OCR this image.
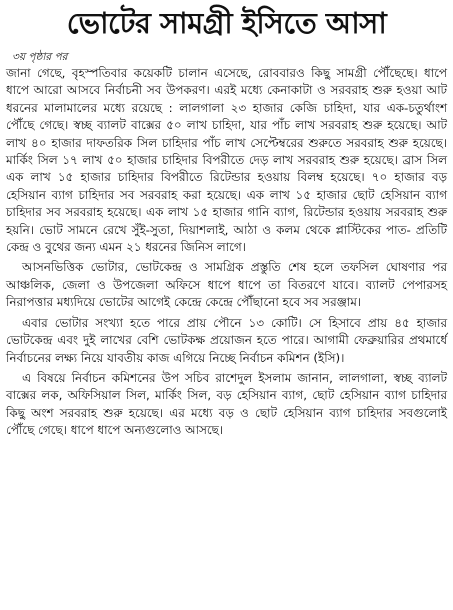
ভোটের সামগ্রী ইসিতে আসা
৩য় পৃষ্ঠার পর

জানা গেছে, বৃহস্পতিবার কয়েকটি চালান এসেছে, রোববারও কিছু সামগ্রী পৌঁছেছে। ধাপে ধাপে আরো আসবে নির্বাচনী সব উপকরণ। এরই মধ্যে কেনাকাটা ও সরবরাহ শুরু হওয়া আট ধরনের মালামালের মধ্যে রয়েছে : লালগালা ২৩ হাজার কেজি চাহিদা, যার এক-চতুর্থাংশ পৌঁছে গেছে। স্বচ্ছ ব্যালট বাক্সের ৫০ লাখ চাহিদা, যার পাঁচ লাখ সরবরাহ শুরু হয়েছে। আট লাখ ৪০ হাজার দাফতরিক সিল চাহিদার পাঁচ লাখ সেপ্টেম্বরের শুরুতে সরবরাহ শুরু হয়েছে। মার্কিং সিল ১৭ লাখ ৫০ হাজার চাহিদার বিপরীতে দেড় লাখ সরবরাহ শুরু হয়েছে। ব্রাস সিল এক লাখ ১৫ হাজার চাহিদার বিপরীতে রিটেন্ডার হওয়ায় বিলম্ব হয়েছে। ৭০ হাজার বড় হেসিয়ান ব্যাগ চাহিদার সব সরবরাহ করা হয়েছে। এক লাখ ১৫ হাজার ছোট হেসিয়ান ব্যাগ চাহিদার সব সরবরাহ হয়েছে। এক লাখ ১৫ হাজার গানি ব্যাগ, রিটেন্ডার হওয়ায় সরবরাহ শুরু হয়নি। ভোট সামনে রেখে সুঁই-সুতা, দিয়াশলাই, আঠা ও কলম থেকে প্লাস্টিকের পাত- প্রতিটি কেন্দ্র ও বুথের জন্য এমন ২১ ধরনের জিনিস লাগে।

আসনভিত্তিক ভোটার, ভোটকেন্দ্র ও সামগ্রিক প্রস্তুতি শেষ হলে তফসিল ঘোষণার পর আঞ্চলিক, জেলা ও উপজেলা অফিসে ধাপে ধাপে তা বিতরণে যাবে। ব্যালট পেপারসহ নিরাপত্তার মধ্যদিয়ে ভোটের আগেই কেন্দ্রে কেন্দ্রে পৌঁছানো হবে সব সরঞ্জাম।

এবার ভোটার সংখ্যা হতে পারে প্রায় পৌনে ১৩ কোটি। সে হিসাবে প্রায় ৪৫ হাজার ভোটকেন্দ্র এবং দুই লাখের বেশি ভোটকক্ষ প্রয়োজন হতে পারে। আগামী ফেব্রুয়ারির প্রথমার্ধে নির্বাচনের লক্ষ্য নিয়ে যাবতীয় কাজ এগিয়ে নিচ্ছে নির্বাচন কমিশন (ইসি)।

এ বিষয়ে নির্বাচন কমিশনের উপ সচিব রাশেদুল ইসলাম জানান, লালগালা, স্বচ্ছ ব্যালট বাক্সের লক, অফিসিয়াল সিল, মার্কিং সিল, বড় হেসিয়ান ব্যাগ, ছোট হেসিয়ান ব্যাগ চাহিদার কিছু অংশ সরবরাহ শুরু হয়েছে। এর মধ্যে বড় ও ছোট হেসিয়ান ব্যাগ চাহিদার সবগুলোই পৌঁছে গেছে। ধাপে ধাপে অন্যগুলোও আসছে।
